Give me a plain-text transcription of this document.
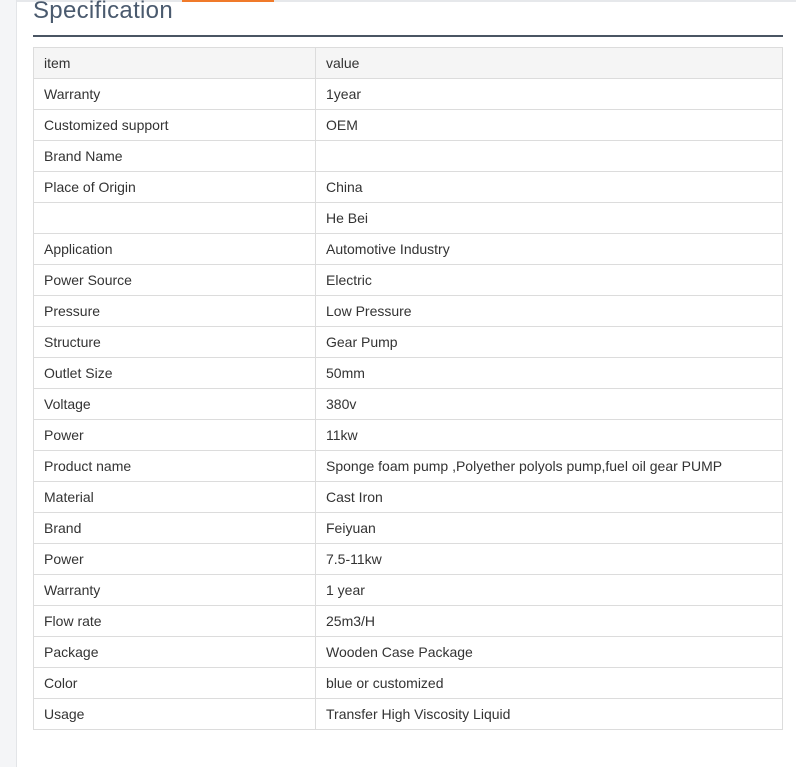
Specification
item	value
Warranty	1year
Customized support	OEM
Brand Name	
Place of Origin	China
	He Bei
Application	Automotive Industry
Power Source	Electric
Pressure	Low Pressure
Structure	Gear Pump
Outlet Size	50mm
Voltage	380v
Power	11kw
Product name	Sponge foam pump ,Polyether polyols pump,fuel oil gear PUMP
Material	Cast Iron
Brand	Feiyuan
Power	7.5-11kw
Warranty	1 year
Flow rate	25m3/H
Package	Wooden Case Package
Color	blue or customized
Usage	Transfer High Viscosity Liquid
